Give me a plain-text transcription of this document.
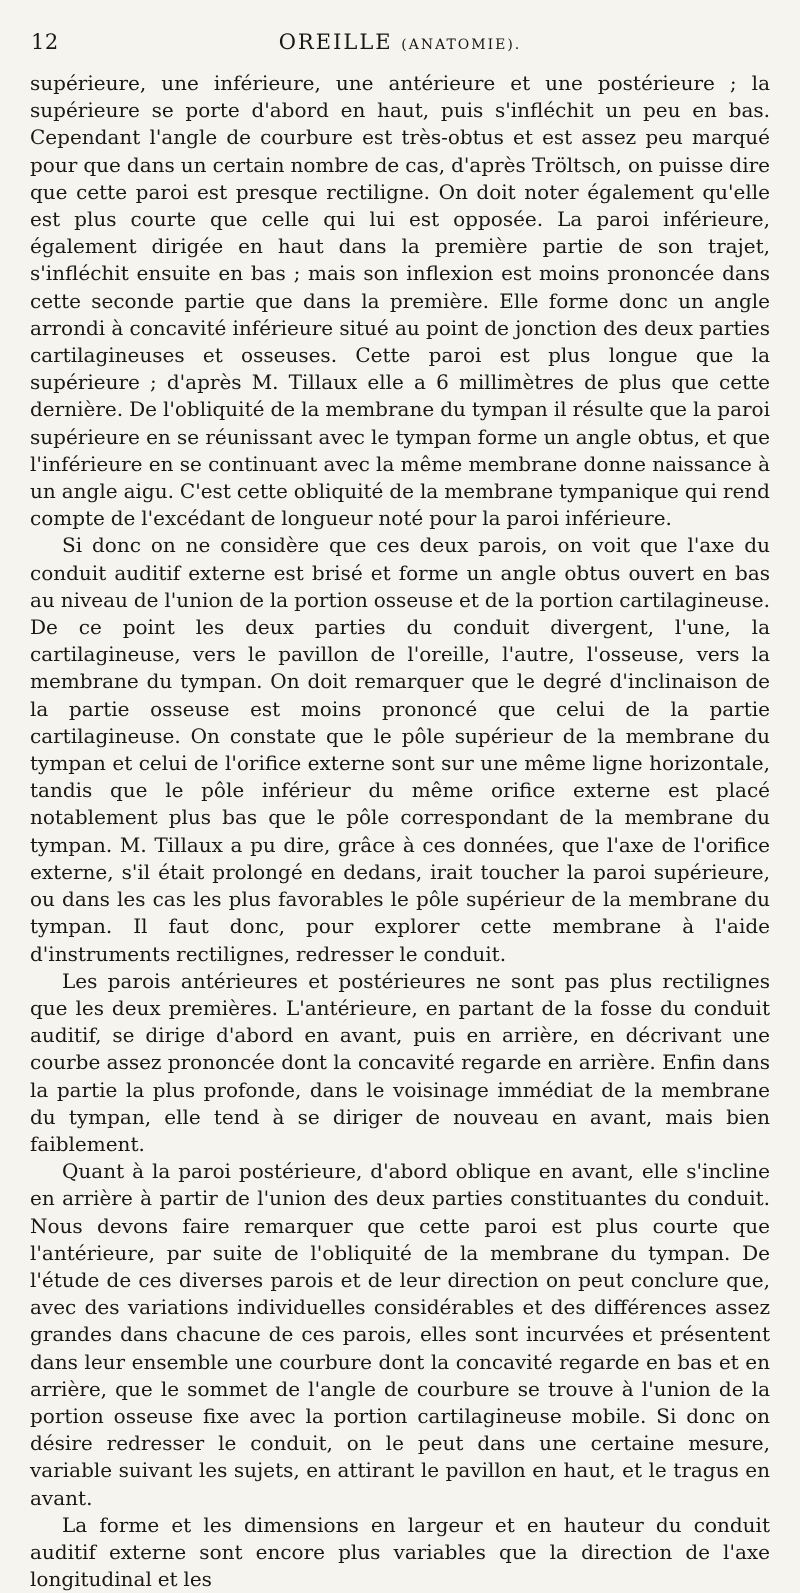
12	OREILLE (ANATOMIE).

supérieure, une inférieure, une antérieure et une postérieure ; la supérieure se porte d'abord en haut, puis s'infléchit un peu en bas. Cependant l'angle de courbure est très-obtus et est assez peu marqué pour que dans un certain nombre de cas, d'après Tröltsch, on puisse dire que cette paroi est presque rectiligne. On doit noter également qu'elle est plus courte que celle qui lui est opposée. La paroi inférieure, également dirigée en haut dans la première partie de son trajet, s'infléchit ensuite en bas ; mais son inflexion est moins prononcée dans cette seconde partie que dans la première. Elle forme donc un angle arrondi à concavité inférieure situé au point de jonction des deux parties cartilagineuses et osseuses. Cette paroi est plus longue que la supérieure ; d'après M. Tillaux elle a 6 millimètres de plus que cette dernière. De l'obliquité de la membrane du tympan il résulte que la paroi supérieure en se réunissant avec le tympan forme un angle obtus, et que l'inférieure en se continuant avec la même membrane donne naissance à un angle aigu. C'est cette obliquité de la membrane tympanique qui rend compte de l'excédant de longueur noté pour la paroi inférieure.

Si donc on ne considère que ces deux parois, on voit que l'axe du conduit auditif externe est brisé et forme un angle obtus ouvert en bas au niveau de l'union de la portion osseuse et de la portion cartilagineuse. De ce point les deux parties du conduit divergent, l'une, la cartilagineuse, vers le pavillon de l'oreille, l'autre, l'osseuse, vers la membrane du tympan. On doit remarquer que le degré d'inclinaison de la partie osseuse est moins prononcé que celui de la partie cartilagineuse. On constate que le pôle supérieur de la membrane du tympan et celui de l'orifice externe sont sur une même ligne horizontale, tandis que le pôle inférieur du même orifice externe est placé notablement plus bas que le pôle correspondant de la membrane du tympan. M. Tillaux a pu dire, grâce à ces données, que l'axe de l'orifice externe, s'il était prolongé en dedans, irait toucher la paroi supérieure, ou dans les cas les plus favorables le pôle supérieur de la membrane du tympan. Il faut donc, pour explorer cette membrane à l'aide d'instruments rectilignes, redresser le conduit.

Les parois antérieures et postérieures ne sont pas plus rectilignes que les deux premières. L'antérieure, en partant de la fosse du conduit auditif, se dirige d'abord en avant, puis en arrière, en décrivant une courbe assez prononcée dont la concavité regarde en arrière. Enfin dans la partie la plus profonde, dans le voisinage immédiat de la membrane du tympan, elle tend à se diriger de nouveau en avant, mais bien faiblement.

Quant à la paroi postérieure, d'abord oblique en avant, elle s'incline en arrière à partir de l'union des deux parties constituantes du conduit. Nous devons faire remarquer que cette paroi est plus courte que l'antérieure, par suite de l'obliquité de la membrane du tympan. De l'étude de ces diverses parois et de leur direction on peut conclure que, avec des variations individuelles considérables et des différences assez grandes dans chacune de ces parois, elles sont incurvées et présentent dans leur ensemble une courbure dont la concavité regarde en bas et en arrière, que le sommet de l'angle de courbure se trouve à l'union de la portion osseuse fixe avec la portion cartilagineuse mobile. Si donc on désire redresser le conduit, on le peut dans une certaine mesure, variable suivant les sujets, en attirant le pavillon en haut, et le tragus en avant.

La forme et les dimensions en largeur et en hauteur du conduit auditif externe sont encore plus variables que la direction de l'axe longitudinal et les
